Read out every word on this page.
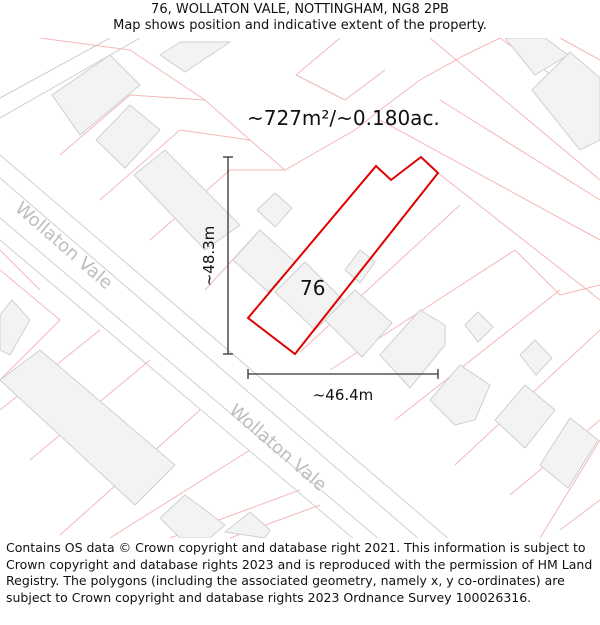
76, WOLLATON VALE, NOTTINGHAM, NG8 2PB
Map shows position and indicative extent of the property.
Wollaton Vale
Wollaton Vale
76
~727m²/~0.180ac.
~48.3m
~46.4m
Contains OS data © Crown copyright and database right 2021. This information is subject to Crown copyright and database rights 2023 and is reproduced with the permission of HM Land Registry. The polygons (including the associated geometry, namely x, y co-ordinates) are subject to Crown copyright and database rights 2023 Ordnance Survey 100026316.
